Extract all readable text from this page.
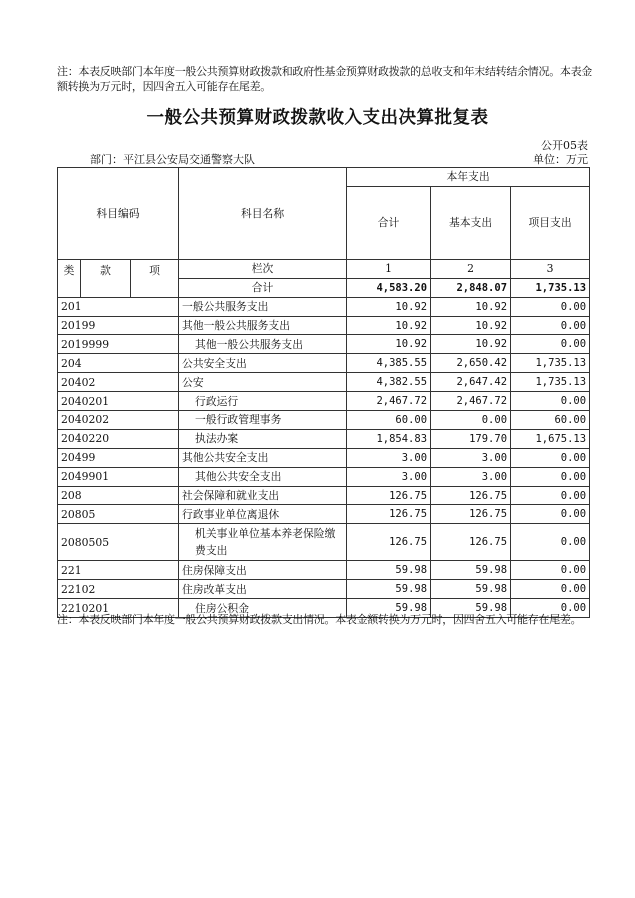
注：本表反映部门本年度一般公共预算财政拨款和政府性基金预算财政拨款的总收支和年末结转结余情况。本表金额转换为万元时，因四舍五入可能存在尾差。
一般公共预算财政拨款收入支出决算批复表
公开05表
部门：平江县公安局交通警察大队	单位：万元
科目编码			科目名称	本年支出		
				合计	基本支出	项目支出
类	款	项	栏次	1	2	3
			合计	4,583.20	2,848.07	1,735.13
201			一般公共服务支出	10.92	10.92	0.00
20199			其他一般公共服务支出	10.92	10.92	0.00
2019999			其他一般公共服务支出	10.92	10.92	0.00
204			公共安全支出	4,385.55	2,650.42	1,735.13
20402			公安	4,382.55	2,647.42	1,735.13
2040201			行政运行	2,467.72	2,467.72	0.00
2040202			一般行政管理事务	60.00	0.00	60.00
2040220			执法办案	1,854.83	179.70	1,675.13
20499			其他公共安全支出	3.00	3.00	0.00
2049901			其他公共安全支出	3.00	3.00	0.00
208			社会保障和就业支出	126.75	126.75	0.00
20805			行政事业单位离退休	126.75	126.75	0.00
2080505			机关事业单位基本养老保险缴费支出	126.75	126.75	0.00
221			住房保障支出	59.98	59.98	0.00
22102			住房改革支出	59.98	59.98	0.00
2210201			住房公积金	59.98	59.98	0.00
注：本表反映部门本年度一般公共预算财政拨款支出情况。本表金额转换为万元时，因四舍五入可能存在尾差。
